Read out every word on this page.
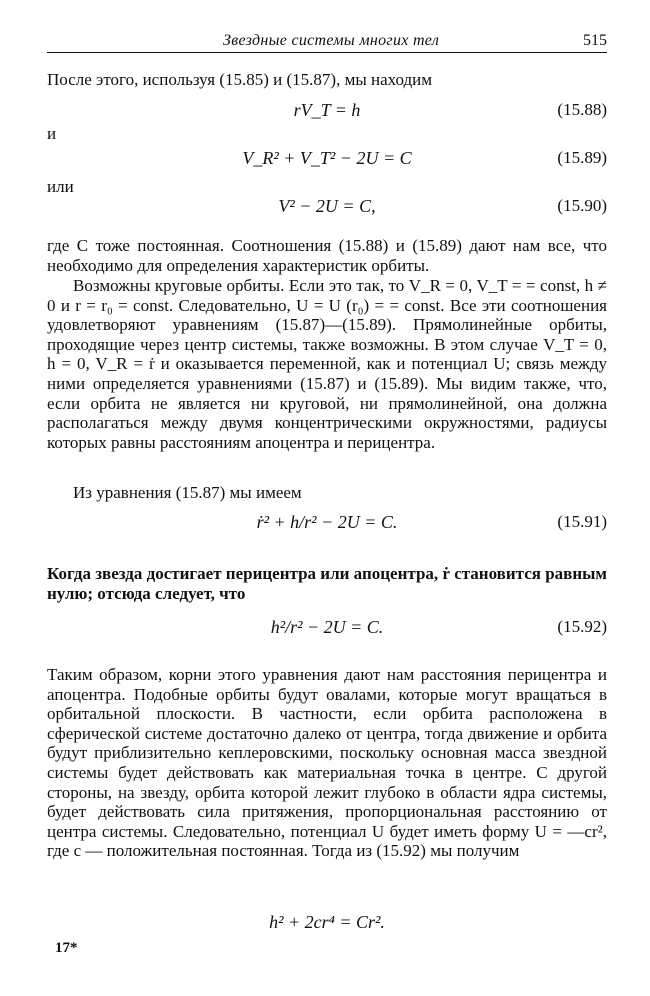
Звездные системы многих тел	515

После этого, используя (15.85) и (15.87), мы находим

rV_T = h	(15.88)
и
V_R² + V_T² − 2U = C	(15.89)
или
V² − 2U = C,	(15.90)

где C тоже постоянная. Соотношения (15.88) и (15.89) дают нам все, что необходимо для определения характеристик орбиты.

Возможны круговые орбиты. Если это так, то V_R = 0, V_T = = const, h ≠ 0 и r = r₀ = const. Следовательно, U = U (r₀) = = const. Все эти соотношения удовлетворяют уравнениям (15.87)—(15.89). Прямолинейные орбиты, проходящие через центр системы, также возможны. В этом случае V_T = 0, h = 0, V_R = ṙ и оказывается переменной, как и потенциал U; связь между ними определяется уравнениями (15.87) и (15.89). Мы видим также, что, если орбита не является ни круговой, ни прямолинейной, она должна располагаться между двумя концентрическими окружностями, радиусы которых равны расстояниям апоцентра и перицентра.

Из уравнения (15.87) мы имеем

ṙ² + h/r² − 2U = C.	(15.91)

Когда звезда достигает перицентра или апоцентра, ṙ становится равным нулю; отсюда следует, что

h²/r² − 2U = C.	(15.92)

Таким образом, корни этого уравнения дают нам расстояния перицентра и апоцентра. Подобные орбиты будут овалами, которые могут вращаться в орбитальной плоскости. В частности, если орбита расположена в сферической системе достаточно далеко от центра, тогда движение и орбита будут приблизительно кеплеровскими, поскольку основная масса звездной системы будет действовать как материальная точка в центре. С другой стороны, на звезду, орбита которой лежит глубоко в области ядра системы, будет действовать сила притяжения, пропорциональная расстоянию от центра системы. Следовательно, потенциал U будет иметь форму U = —cr², где c — положительная постоянная. Тогда из (15.92) мы получим

h² + 2cr⁴ = Cr².
17*
